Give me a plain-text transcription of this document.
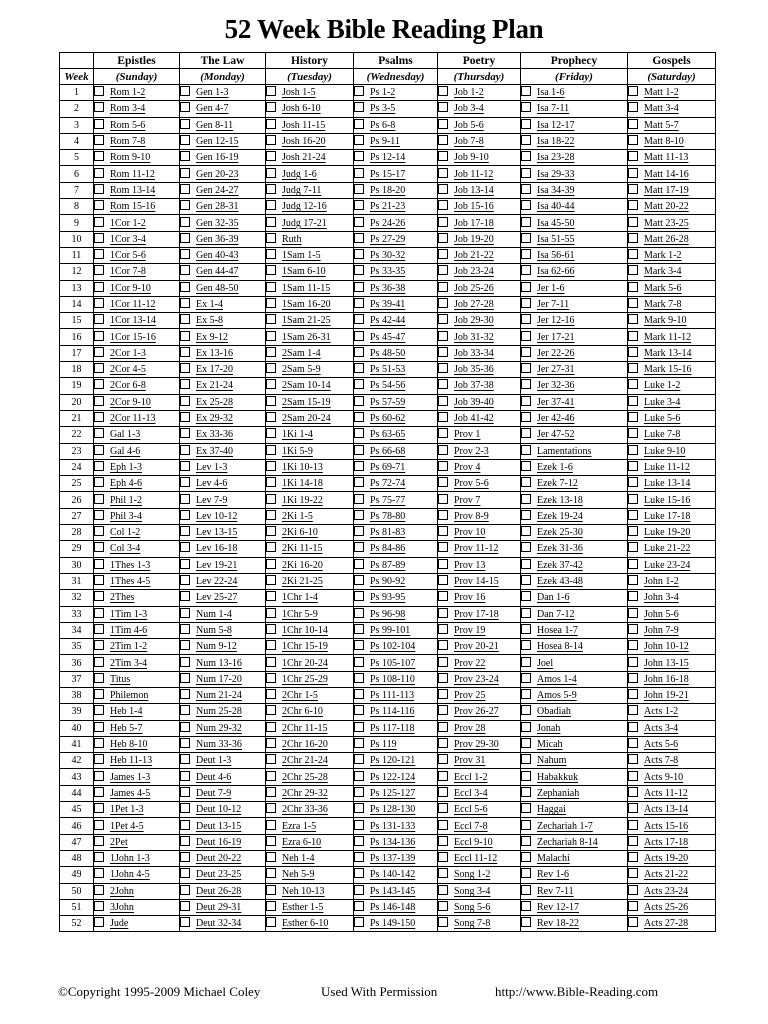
52 Week Bible Reading Plan
	Epistles	The Law	History	Psalms	Poetry	Prophecy	Gospels
Week	(Sunday)	(Monday)	(Tuesday)	(Wednesday)	(Thursday)	(Friday)	(Saturday)
1	Rom 1-2	Gen 1-3	Josh 1-5	Ps 1-2	Job 1-2	Isa 1-6	Matt 1-2
2	Rom 3-4	Gen 4-7	Josh 6-10	Ps 3-5	Job 3-4	Isa 7-11	Matt 3-4
3	Rom 5-6	Gen 8-11	Josh 11-15	Ps 6-8	Job 5-6	Isa 12-17	Matt 5-7
4	Rom 7-8	Gen 12-15	Josh 16-20	Ps 9-11	Job 7-8	Isa 18-22	Matt 8-10
5	Rom 9-10	Gen 16-19	Josh 21-24	Ps 12-14	Job 9-10	Isa 23-28	Matt 11-13
6	Rom 11-12	Gen 20-23	Judg 1-6	Ps 15-17	Job 11-12	Isa 29-33	Matt 14-16
7	Rom 13-14	Gen 24-27	Judg 7-11	Ps 18-20	Job 13-14	Isa 34-39	Matt 17-19
8	Rom 15-16	Gen 28-31	Judg 12-16	Ps 21-23	Job 15-16	Isa 40-44	Matt 20-22
9	1Cor 1-2	Gen 32-35	Judg 17-21	Ps 24-26	Job 17-18	Isa 45-50	Matt 23-25
10	1Cor 3-4	Gen 36-39	Ruth	Ps 27-29	Job 19-20	Isa 51-55	Matt 26-28
11	1Cor 5-6	Gen 40-43	1Sam 1-5	Ps 30-32	Job 21-22	Isa 56-61	Mark 1-2
12	1Cor 7-8	Gen 44-47	1Sam 6-10	Ps 33-35	Job 23-24	Isa 62-66	Mark 3-4
13	1Cor 9-10	Gen 48-50	1Sam 11-15	Ps 36-38	Job 25-26	Jer 1-6	Mark 5-6
14	1Cor 11-12	Ex 1-4	1Sam 16-20	Ps 39-41	Job 27-28	Jer 7-11	Mark 7-8
15	1Cor 13-14	Ex 5-8	1Sam 21-25	Ps 42-44	Job 29-30	Jer 12-16	Mark 9-10
16	1Cor 15-16	Ex 9-12	1Sam 26-31	Ps 45-47	Job 31-32	Jer 17-21	Mark 11-12
17	2Cor 1-3	Ex 13-16	2Sam 1-4	Ps 48-50	Job 33-34	Jer 22-26	Mark 13-14
18	2Cor 4-5	Ex 17-20	2Sam 5-9	Ps 51-53	Job 35-36	Jer 27-31	Mark 15-16
19	2Cor 6-8	Ex 21-24	2Sam 10-14	Ps 54-56	Job 37-38	Jer 32-36	Luke 1-2
20	2Cor 9-10	Ex 25-28	2Sam 15-19	Ps 57-59	Job 39-40	Jer 37-41	Luke 3-4
21	2Cor 11-13	Ex 29-32	2Sam 20-24	Ps 60-62	Job 41-42	Jer 42-46	Luke 5-6
22	Gal 1-3	Ex 33-36	1Ki 1-4	Ps 63-65	Prov 1	Jer 47-52	Luke 7-8
23	Gal 4-6	Ex 37-40	1Ki 5-9	Ps 66-68	Prov 2-3	Lamentations	Luke 9-10
24	Eph 1-3	Lev 1-3	1Ki 10-13	Ps 69-71	Prov 4	Ezek 1-6	Luke 11-12
25	Eph 4-6	Lev 4-6	1Ki 14-18	Ps 72-74	Prov 5-6	Ezek 7-12	Luke 13-14
26	Phil 1-2	Lev 7-9	1Ki 19-22	Ps 75-77	Prov 7	Ezek 13-18	Luke 15-16
27	Phil 3-4	Lev 10-12	2Ki 1-5	Ps 78-80	Prov 8-9	Ezek 19-24	Luke 17-18
28	Col 1-2	Lev 13-15	2Ki 6-10	Ps 81-83	Prov 10	Ezek 25-30	Luke 19-20
29	Col 3-4	Lev 16-18	2Ki 11-15	Ps 84-86	Prov 11-12	Ezek 31-36	Luke 21-22
30	1Thes 1-3	Lev 19-21	2Ki 16-20	Ps 87-89	Prov 13	Ezek 37-42	Luke 23-24
31	1Thes 4-5	Lev 22-24	2Ki 21-25	Ps 90-92	Prov 14-15	Ezek 43-48	John 1-2
32	2Thes	Lev 25-27	1Chr 1-4	Ps 93-95	Prov 16	Dan 1-6	John 3-4
33	1Tim 1-3	Num 1-4	1Chr 5-9	Ps 96-98	Prov 17-18	Dan 7-12	John 5-6
34	1Tim 4-6	Num 5-8	1Chr 10-14	Ps 99-101	Prov 19	Hosea 1-7	John 7-9
35	2Tim 1-2	Num 9-12	1Chr 15-19	Ps 102-104	Prov 20-21	Hosea 8-14	John 10-12
36	2Tim 3-4	Num 13-16	1Chr 20-24	Ps 105-107	Prov 22	Joel	John 13-15
37	Titus	Num 17-20	1Chr 25-29	Ps 108-110	Prov 23-24	Amos 1-4	John 16-18
38	Philemon	Num 21-24	2Chr 1-5	Ps 111-113	Prov 25	Amos 5-9	John 19-21
39	Heb 1-4	Num 25-28	2Chr 6-10	Ps 114-116	Prov 26-27	Obadiah	Acts 1-2
40	Heb 5-7	Num 29-32	2Chr 11-15	Ps 117-118	Prov 28	Jonah	Acts 3-4
41	Heb 8-10	Num 33-36	2Chr 16-20	Ps 119	Prov 29-30	Micah	Acts 5-6
42	Heb 11-13	Deut 1-3	2Chr 21-24	Ps 120-121	Prov 31	Nahum	Acts 7-8
43	James 1-3	Deut 4-6	2Chr 25-28	Ps 122-124	Eccl 1-2	Habakkuk	Acts 9-10
44	James 4-5	Deut 7-9	2Chr 29-32	Ps 125-127	Eccl 3-4	Zephaniah	Acts 11-12
45	1Pet 1-3	Deut 10-12	2Chr 33-36	Ps 128-130	Eccl 5-6	Haggai	Acts 13-14
46	1Pet 4-5	Deut 13-15	Ezra 1-5	Ps 131-133	Eccl 7-8	Zechariah 1-7	Acts 15-16
47	2Pet	Deut 16-19	Ezra 6-10	Ps 134-136	Eccl 9-10	Zechariah 8-14	Acts 17-18
48	1John 1-3	Deut 20-22	Neh 1-4	Ps 137-139	Eccl 11-12	Malachi	Acts 19-20
49	1John 4-5	Deut 23-25	Neh 5-9	Ps 140-142	Song 1-2	Rev 1-6	Acts 21-22
50	2John	Deut 26-28	Neh 10-13	Ps 143-145	Song 3-4	Rev 7-11	Acts 23-24
51	3John	Deut 29-31	Esther 1-5	Ps 146-148	Song 5-6	Rev 12-17	Acts 25-26
52	Jude	Deut 32-34	Esther 6-10	Ps 149-150	Song 7-8	Rev 18-22	Acts 27-28
©Copyright 1995-2009 Michael Coley	Used With Permission	http://www.Bible-Reading.com
